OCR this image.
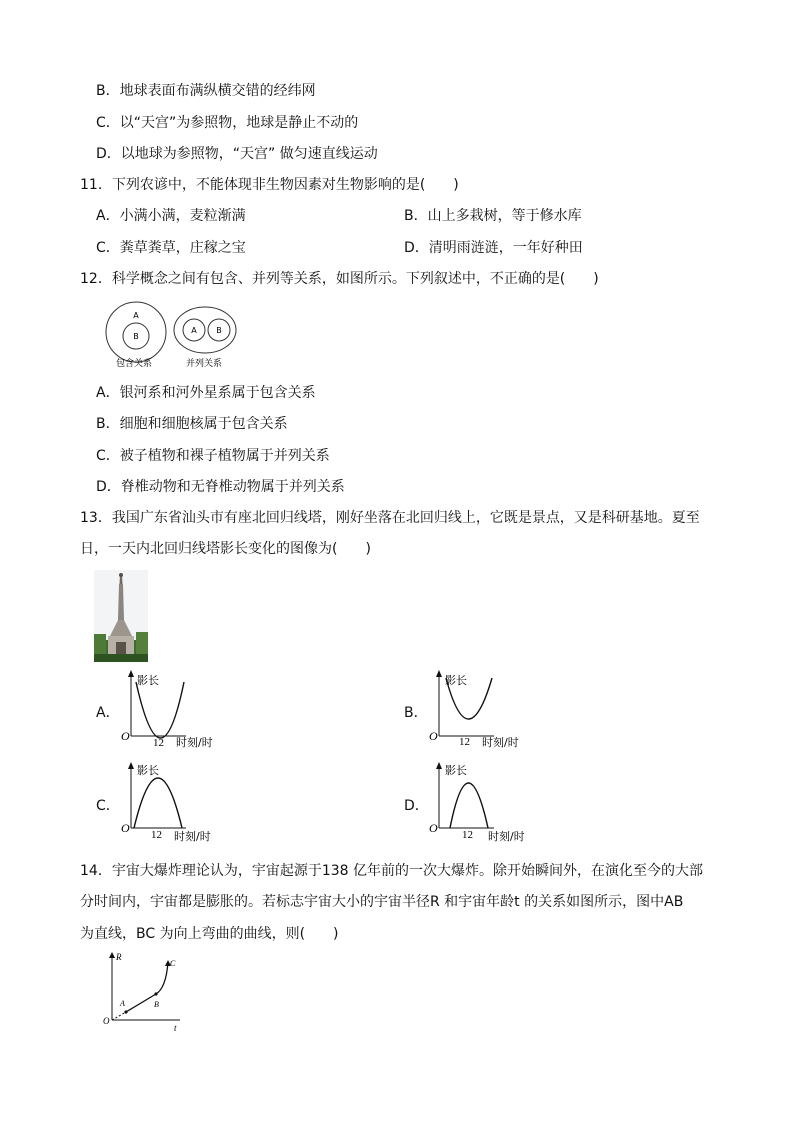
B．地球表面布满纵横交错的经纬网
C．以“天宫”为参照物，地球是静止不动的
D．以地球为参照物，“天宫” 做匀速直线运动
11．下列农谚中，不能体现非生物因素对生物影响的是(　　)
A．小满小满，麦粒渐满	B．山上多栽树，等于修水库
C．粪草粪草，庄稼之宝	D．清明雨涟涟，一年好种田
12．科学概念之间有包含、并列等关系，如图所示。下列叙述中，不正确的是(　　)
A
B
包含关系
A B
并列关系
A．银河系和河外星系属于包含关系
B．细胞和细胞核属于包含关系
C．被子植物和裸子植物属于并列关系
D．脊椎动物和无脊椎动物属于并列关系
13．我国广东省汕头市有座北回归线塔，刚好坐落在北回归线上，它既是景点，又是科研基地。夏至
日，一天内北回归线塔影长变化的图像为(　　)
A．	B．
C．	D．
影长
O 12 时刻/时
影长
O 12 时刻/时
影长
O 12 时刻/时
影长
O 12 时刻/时
14．宇宙大爆炸理论认为，宇宙起源于138 亿年前的一次大爆炸。除开始瞬间外，在演化至今的大部
分时间内，宇宙都是膨胀的。若标志宇宙大小的宇宙半径R 和宇宙年龄t 的关系如图所示，图中AB
为直线，BC 为向上弯曲的曲线，则(　　)
R
O
t
A	B
C
